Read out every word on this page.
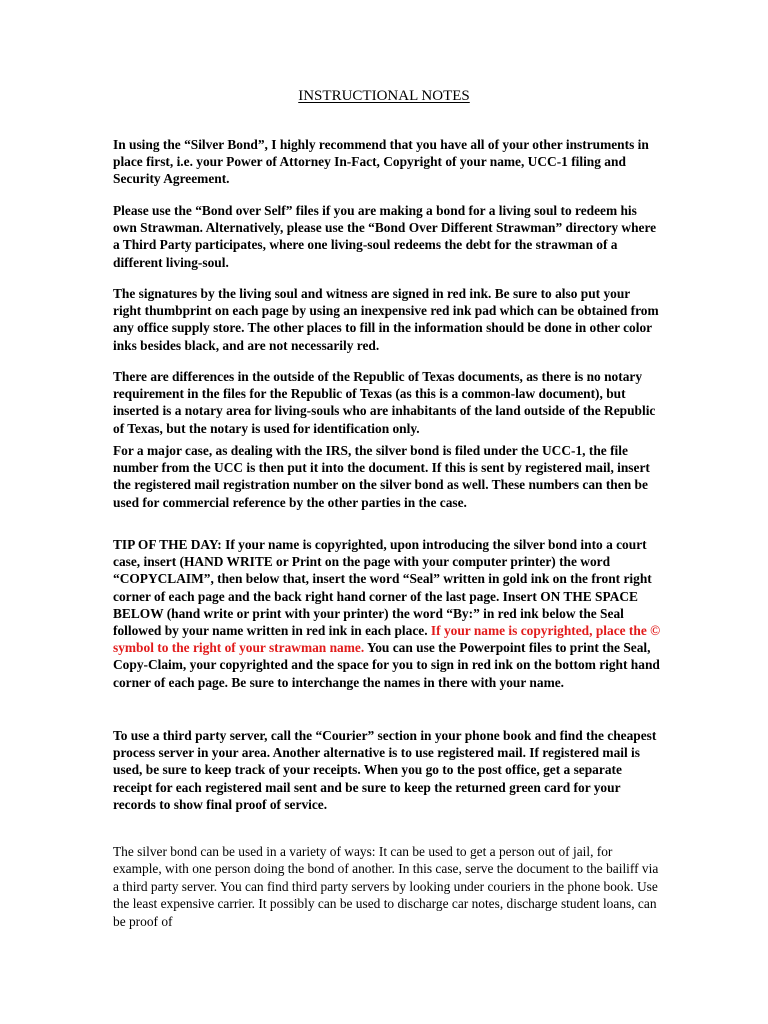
INSTRUCTIONAL NOTES

In using the “Silver Bond”, I highly recommend that you have all of your other instruments in place first, i.e. your Power of Attorney In-Fact, Copyright of your name, UCC-1 filing and Security Agreement.

Please use the “Bond over Self” files if you are making a bond for a living soul to redeem his own Strawman. Alternatively, please use the “Bond Over Different Strawman” directory where a Third Party participates, where one living-soul redeems the debt for the strawman of a different living-soul.

The signatures by the living soul and witness are signed in red ink. Be sure to also put your right thumbprint on each page by using an inexpensive red ink pad which can be obtained from any office supply store. The other places to fill in the information should be done in other color inks besides black, and are not necessarily red.

There are differences in the outside of the Republic of Texas documents, as there is no notary requirement in the files for the Republic of Texas (as this is a common-law document), but inserted is a notary area for living-souls who are inhabitants of the land outside of the Republic of Texas, but the notary is used for identification only.

For a major case, as dealing with the IRS, the silver bond is filed under the UCC-1, the file number from the UCC is then put it into the document. If this is sent by registered mail, insert the registered mail registration number on the silver bond as well. These numbers can then be used for commercial reference by the other parties in the case.

TIP OF THE DAY: If your name is copyrighted, upon introducing the silver bond into a court case, insert (HAND WRITE or Print on the page with your computer printer) the word “COPYCLAIM”, then below that, insert the word “Seal” written in gold ink on the front right corner of each page and the back right hand corner of the last page. Insert ON THE SPACE BELOW (hand write or print with your printer) the word “By:” in red ink below the Seal followed by your name written in red ink in each place. If your name is copyrighted, place the © symbol to the right of your strawman name. You can use the Powerpoint files to print the Seal, Copy-Claim, your copyrighted and the space for you to sign in red ink on the bottom right hand corner of each page. Be sure to interchange the names in there with your name.

To use a third party server, call the “Courier” section in your phone book and find the cheapest process server in your area. Another alternative is to use registered mail. If registered mail is used, be sure to keep track of your receipts. When you go to the post office, get a separate receipt for each registered mail sent and be sure to keep the returned green card for your records to show final proof of service.

The silver bond can be used in a variety of ways: It can be used to get a person out of jail, for example, with one person doing the bond of another. In this case, serve the document to the bailiff via a third party server. You can find third party servers by looking under couriers in the phone book. Use the least expensive carrier. It possibly can be used to discharge car notes, discharge student loans, can be proof of
